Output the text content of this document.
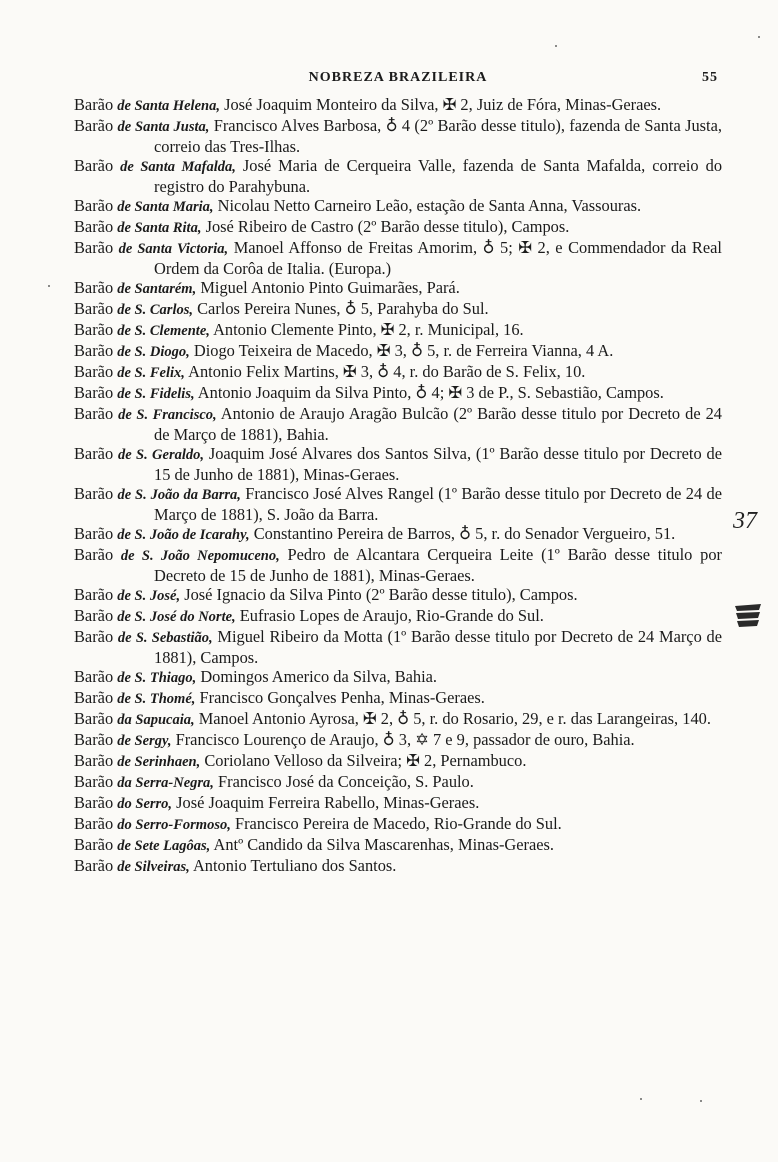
NOBREZA BRAZILEIRA	55

Barão de Santa Helena, José Joaquim Monteiro da Silva, ✠ 2, Juiz de Fóra, Minas-Geraes.

Barão de Santa Justa, Francisco Alves Barbosa, ♁ 4 (2º Barão desse titulo), fazenda de Santa Justa, correio das Tres-Ilhas.

Barão de Santa Mafalda, José Maria de Cerqueira Valle, fazenda de Santa Mafalda, correio do registro do Parahybuna.

Barão de Santa Maria, Nicolau Netto Carneiro Leão, estação de Santa Anna, Vassouras.

Barão de Santa Rita, José Ribeiro de Castro (2º Barão desse titulo), Campos.

Barão de Santa Victoria, Manoel Affonso de Freitas Amorim, ♁ 5; ✠ 2, e Commendador da Real Ordem da Corôa de Italia. (Europa.)

Barão de Santarém, Miguel Antonio Pinto Guimarães, Pará.

Barão de S. Carlos, Carlos Pereira Nunes, ♁ 5, Parahyba do Sul.

Barão de S. Clemente, Antonio Clemente Pinto, ✠ 2, r. Municipal, 16.

Barão de S. Diogo, Diogo Teixeira de Macedo, ✠ 3, ♁ 5, r. de Ferreira Vianna, 4 A.

Barão de S. Felix, Antonio Felix Martins, ✠ 3, ♁ 4, r. do Barão de S. Felix, 10.

Barão de S. Fidelis, Antonio Joaquim da Silva Pinto, ♁ 4; ✠ 3 de P., S. Sebastião, Campos.

Barão de S. Francisco, Antonio de Araujo Aragão Bulcão (2º Barão desse titulo por Decreto de 24 de Março de 1881), Bahia.

Barão de S. Geraldo, Joaquim José Alvares dos Santos Silva, (1º Barão desse titulo por Decreto de 15 de Junho de 1881), Minas-Geraes.

Barão de S. João da Barra, Francisco José Alves Rangel (1º Barão desse titulo por Decreto de 24 de Março de 1881), S. João da Barra.

Barão de S. João de Icarahy, Constantino Pereira de Barros, ♁ 5, r. do Senador Vergueiro, 51.

Barão de S. João Nepomuceno, Pedro de Alcantara Cerqueira Leite (1º Barão desse titulo por Decreto de 15 de Junho de 1881), Minas-Geraes.

Barão de S. José, José Ignacio da Silva Pinto (2º Barão desse titulo), Campos.

Barão de S. José do Norte, Eufrasio Lopes de Araujo, Rio-Grande do Sul.

Barão de S. Sebastião, Miguel Ribeiro da Motta (1º Barão desse titulo por Decreto de 24 Março de 1881), Campos.

Barão de S. Thiago, Domingos Americo da Silva, Bahia.

Barão de S. Thomé, Francisco Gonçalves Penha, Minas-Geraes.

Barão da Sapucaia, Manoel Antonio Ayrosa, ✠ 2, ♁ 5, r. do Rosario, 29, e r. das Larangeiras, 140.

Barão de Sergy, Francisco Lourenço de Araujo, ♁ 3, ✡ 7 e 9, passador de ouro, Bahia.

Barão de Serinhaen, Coriolano Velloso da Silveira; ✠ 2, Pernambuco.

Barão da Serra-Negra, Francisco José da Conceição, S. Paulo.

Barão do Serro, José Joaquim Ferreira Rabello, Minas-Geraes.

Barão do Serro-Formoso, Francisco Pereira de Macedo, Rio-Grande do Sul.

Barão de Sete Lagôas, Antº Candido da Silva Mascarenhas, Minas-Geraes.

Barão de Silveiras, Antonio Tertuliano dos Santos.

37
